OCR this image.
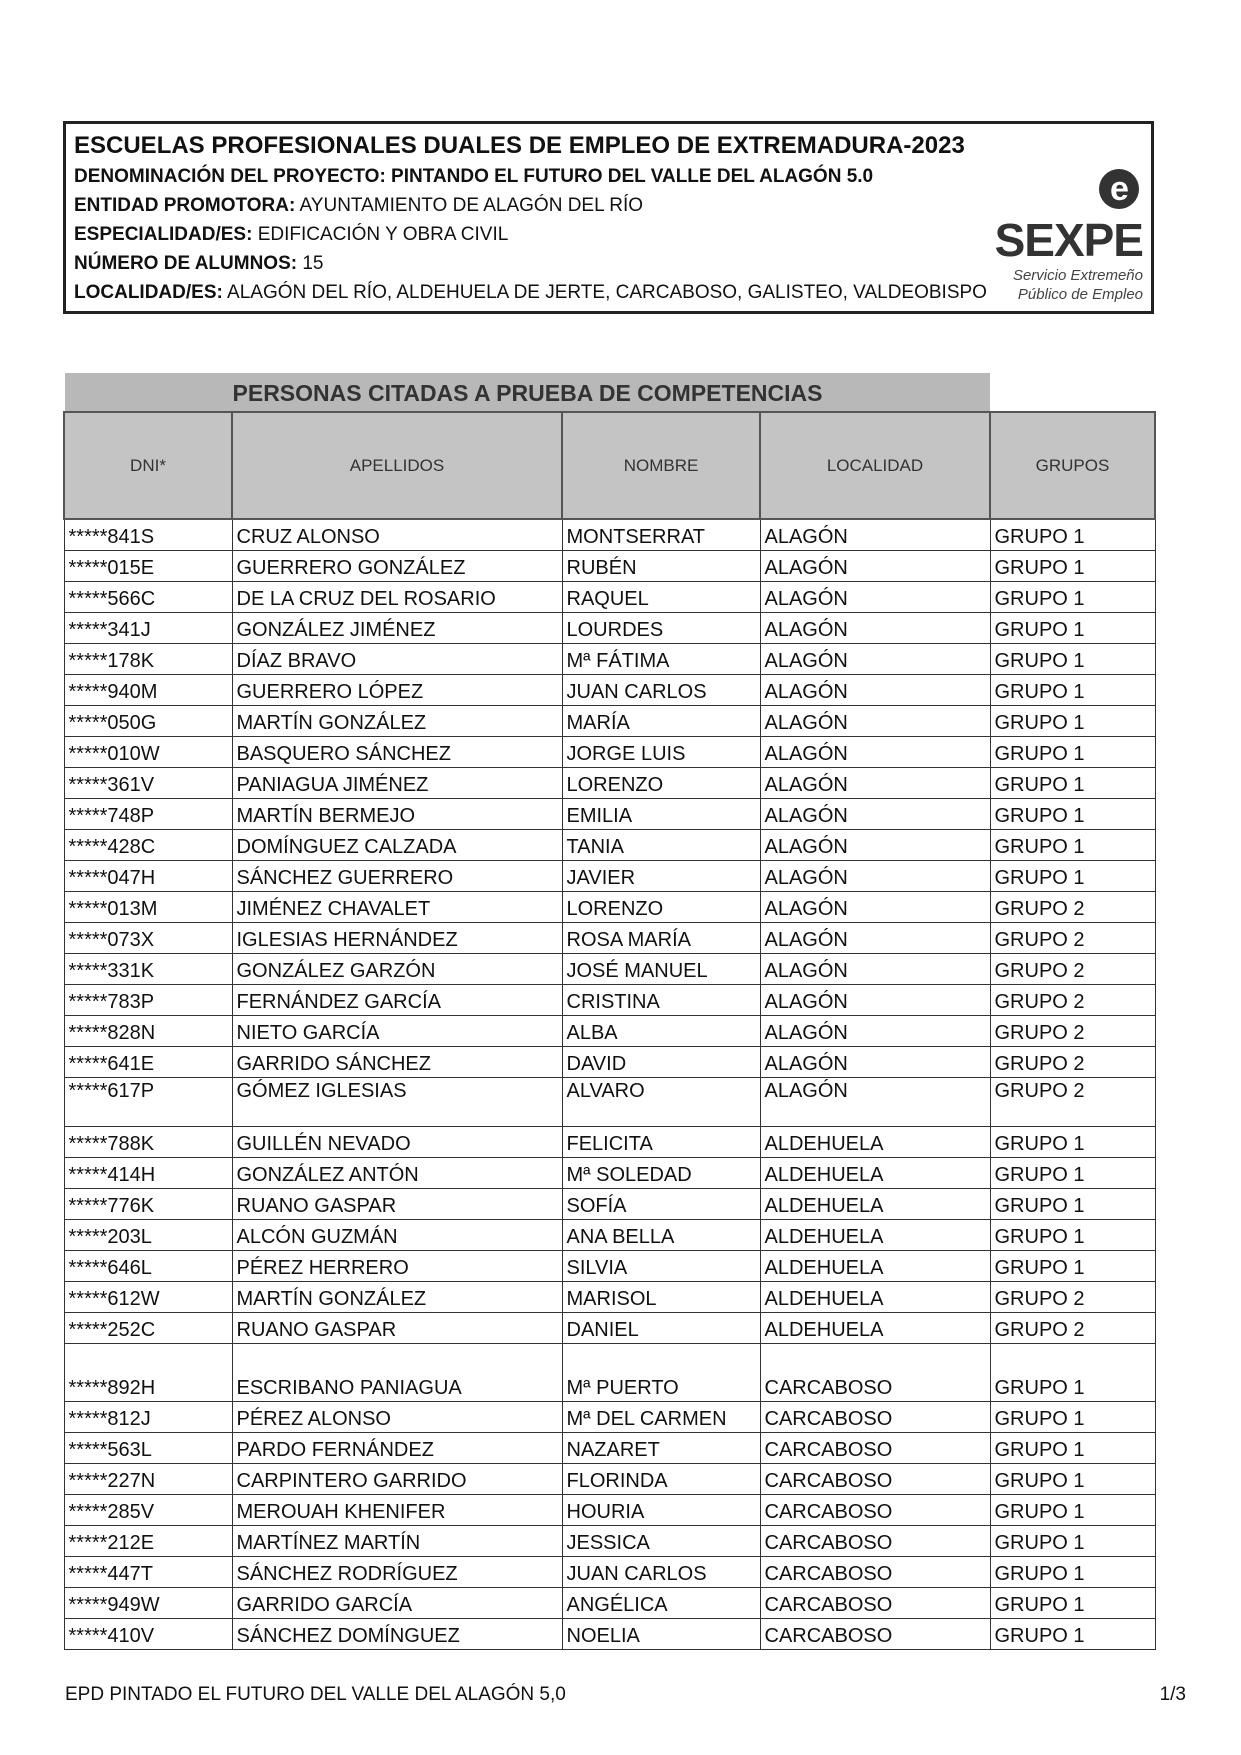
ESCUELAS PROFESIONALES DUALES DE EMPLEO DE EXTREMADURA-2023
DENOMINACIÓN DEL PROYECTO: PINTANDO EL FUTURO DEL VALLE DEL ALAGÓN 5.0
ENTIDAD PROMOTORA: AYUNTAMIENTO DE ALAGÓN DEL RÍO
ESPECIALIDAD/ES: EDIFICACIÓN Y OBRA CIVIL
NÚMERO DE ALUMNOS: 15
LOCALIDAD/ES: ALAGÓN DEL RÍO, ALDEHUELA DE JERTE, CARCABOSO, GALISTEO, VALDEOBISPO
eSEXPE
Servicio Extremeño
Público de Empleo
PERSONAS CITADAS A PRUEBA DE COMPETENCIAS
DNI*	APELLIDOS	NOMBRE	LOCALIDAD	GRUPOS
*****841S	CRUZ ALONSO	MONTSERRAT	ALAGÓN	GRUPO 1
*****015E	GUERRERO GONZÁLEZ	RUBÉN	ALAGÓN	GRUPO 1
*****566C	DE LA CRUZ DEL ROSARIO	RAQUEL	ALAGÓN	GRUPO 1
*****341J	GONZÁLEZ JIMÉNEZ	LOURDES	ALAGÓN	GRUPO 1
*****178K	DÍAZ BRAVO	Mª FÁTIMA	ALAGÓN	GRUPO 1
*****940M	GUERRERO LÓPEZ	JUAN CARLOS	ALAGÓN	GRUPO 1
*****050G	MARTÍN GONZÁLEZ	MARÍA	ALAGÓN	GRUPO 1
*****010W	BASQUERO SÁNCHEZ	JORGE LUIS	ALAGÓN	GRUPO 1
*****361V	PANIAGUA JIMÉNEZ	LORENZO	ALAGÓN	GRUPO 1
*****748P	MARTÍN BERMEJO	EMILIA	ALAGÓN	GRUPO 1
*****428C	DOMÍNGUEZ CALZADA	TANIA	ALAGÓN	GRUPO 1
*****047H	SÁNCHEZ GUERRERO	JAVIER	ALAGÓN	GRUPO 1
*****013M	JIMÉNEZ CHAVALET	LORENZO	ALAGÓN	GRUPO 2
*****073X	IGLESIAS HERNÁNDEZ	ROSA MARÍA	ALAGÓN	GRUPO 2
*****331K	GONZÁLEZ GARZÓN	JOSÉ MANUEL	ALAGÓN	GRUPO 2
*****783P	FERNÁNDEZ GARCÍA	CRISTINA	ALAGÓN	GRUPO 2
*****828N	NIETO GARCÍA	ALBA	ALAGÓN	GRUPO 2
*****641E	GARRIDO SÁNCHEZ	DAVID	ALAGÓN	GRUPO 2
*****617P	GÓMEZ IGLESIAS	ALVARO	ALAGÓN	GRUPO 2
*****788K	GUILLÉN NEVADO	FELICITA	ALDEHUELA	GRUPO 1
*****414H	GONZÁLEZ ANTÓN	Mª SOLEDAD	ALDEHUELA	GRUPO 1
*****776K	RUANO GASPAR	SOFÍA	ALDEHUELA	GRUPO 1
*****203L	ALCÓN GUZMÁN	ANA BELLA	ALDEHUELA	GRUPO 1
*****646L	PÉREZ HERRERO	SILVIA	ALDEHUELA	GRUPO 1
*****612W	MARTÍN GONZÁLEZ	MARISOL	ALDEHUELA	GRUPO 2
*****252C	RUANO GASPAR	DANIEL	ALDEHUELA	GRUPO 2
*****892H	ESCRIBANO PANIAGUA	Mª PUERTO	CARCABOSO	GRUPO 1
*****812J	PÉREZ ALONSO	Mª DEL CARMEN	CARCABOSO	GRUPO 1
*****563L	PARDO FERNÁNDEZ	NAZARET	CARCABOSO	GRUPO 1
*****227N	CARPINTERO GARRIDO	FLORINDA	CARCABOSO	GRUPO 1
*****285V	MEROUAH KHENIFER	HOURIA	CARCABOSO	GRUPO 1
*****212E	MARTÍNEZ MARTÍN	JESSICA	CARCABOSO	GRUPO 1
*****447T	SÁNCHEZ RODRÍGUEZ	JUAN CARLOS	CARCABOSO	GRUPO 1
*****949W	GARRIDO GARCÍA	ANGÉLICA	CARCABOSO	GRUPO 1
*****410V	SÁNCHEZ DOMÍNGUEZ	NOELIA	CARCABOSO	GRUPO 1
EPD PINTADO EL FUTURO DEL VALLE DEL ALAGÓN 5,0	1/3
